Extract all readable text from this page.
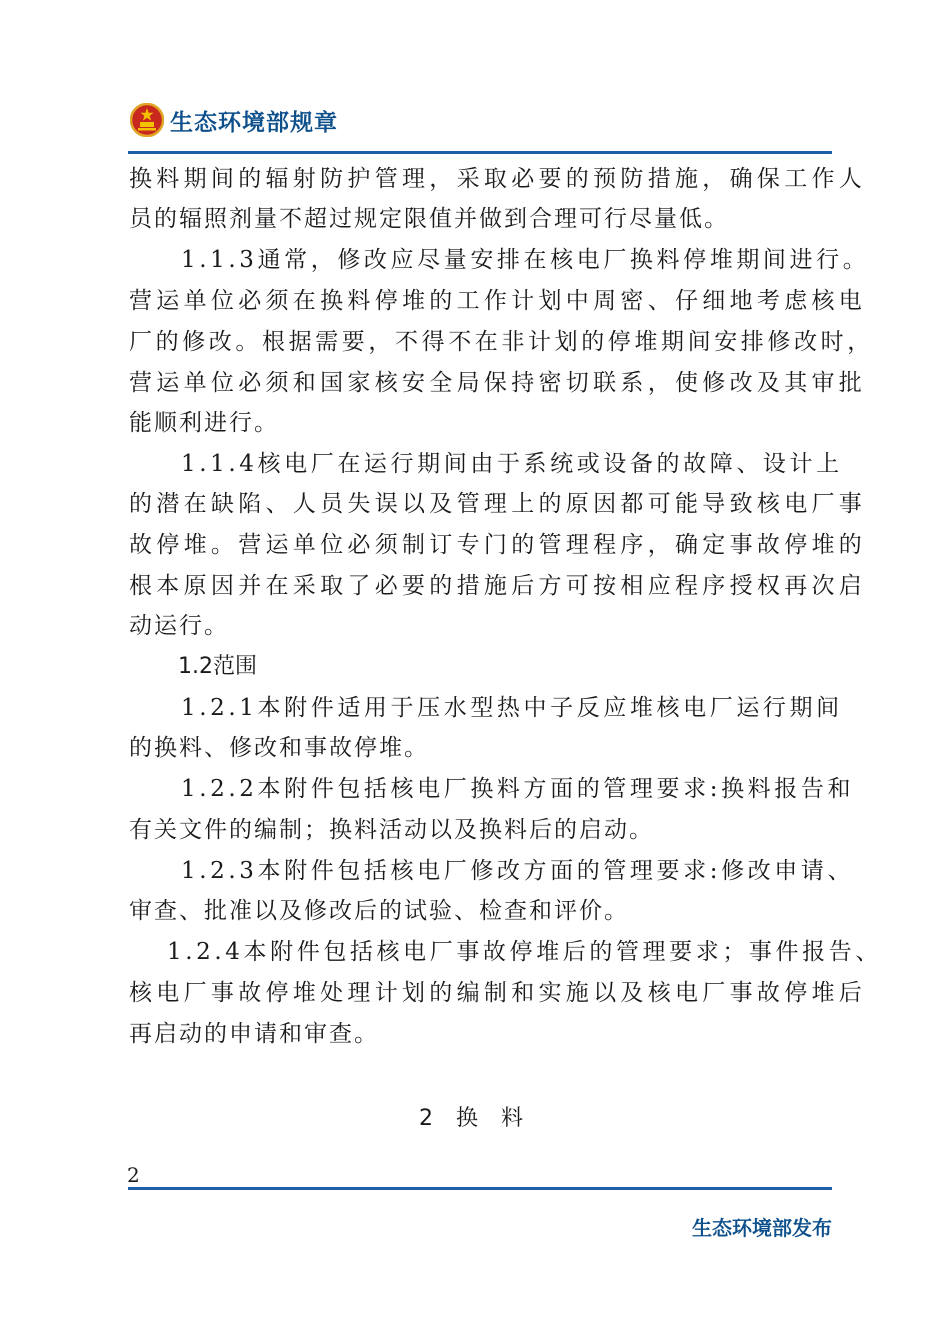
生态环境部规章
换料期间的辐射防护管理，采取必要的预防措施，确保工作人
员的辐照剂量不超过规定限值并做到合理可行尽量低。
1.1.3通常，修改应尽量安排在核电厂换料停堆期间进行。
营运单位必须在换料停堆的工作计划中周密、仔细地考虑核电
厂的修改。根据需要，不得不在非计划的停堆期间安排修改时，
营运单位必须和国家核安全局保持密切联系，使修改及其审批
能顺利进行。
1.1.4核电厂在运行期间由于系统或设备的故障、设计上
的潜在缺陷、人员失误以及管理上的原因都可能导致核电厂事
故停堆。营运单位必须制订专门的管理程序，确定事故停堆的
根本原因并在采取了必要的措施后方可按相应程序授权再次启
动运行。
1.2范围
1.2.1本附件适用于压水型热中子反应堆核电厂运行期间
的换料、修改和事故停堆。
1.2.2本附件包括核电厂换料方面的管理要求:换料报告和
有关文件的编制；换料活动以及换料后的启动。
1.2.3本附件包括核电厂修改方面的管理要求:修改申请、
审查、批准以及修改后的试验、检查和评价。
1.2.4本附件包括核电厂事故停堆后的管理要求；事件报告、
核电厂事故停堆处理计划的编制和实施以及核电厂事故停堆后
再启动的申请和审查。
2 换 料
2
生态环境部发布
